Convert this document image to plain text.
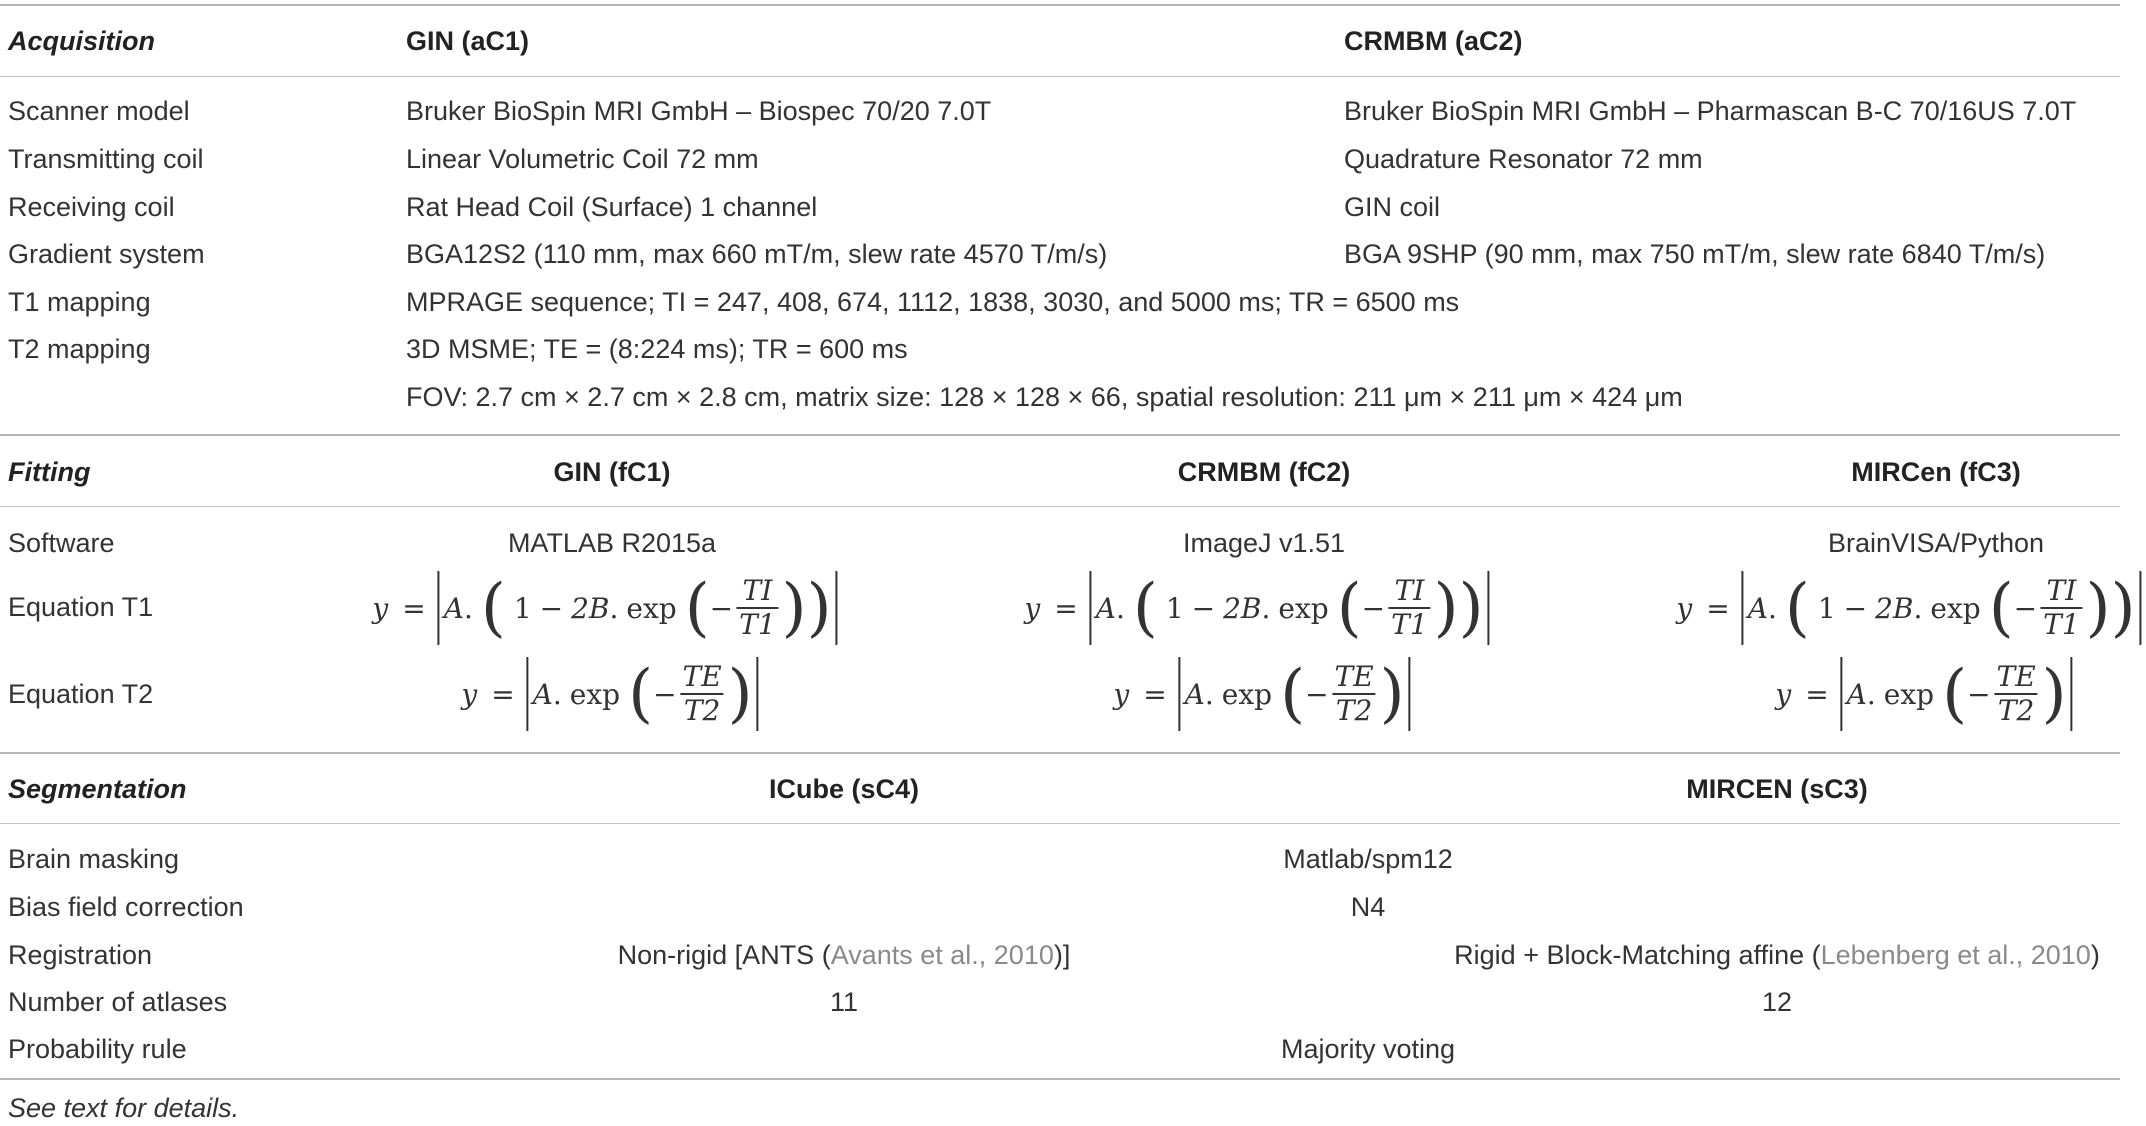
Acquisition	GIN (aC1)	CRMBM (aC2)
Scanner model	Bruker BioSpin MRI GmbH – Biospec 70/20 7.0T	Bruker BioSpin MRI GmbH – Pharmascan B-C 70/16US 7.0T
Transmitting coil	Linear Volumetric Coil 72 mm	Quadrature Resonator 72 mm
Receiving coil	Rat Head Coil (Surface) 1 channel	GIN coil
Gradient system	BGA12S2 (110 mm, max 660 mT/m, slew rate 4570 T/m/s)	BGA 9SHP (90 mm, max 750 mT/m, slew rate 6840 T/m/s)
T1 mapping	MPRAGE sequence; TI = 247, 408, 674, 1112, 1838, 3030, and 5000 ms; TR = 6500 ms
T2 mapping	3D MSME; TE = (8:224 ms); TR = 600 ms
FOV: 2.7 cm × 2.7 cm × 2.8 cm, matrix size: 128 × 128 × 66, spatial resolution: 211 μm × 211 μm × 424 μm
Fitting	GIN (fC1)	CRMBM (fC2)	MIRCen (fC3)
Software	MATLAB R2015a	ImageJ v1.51	BrainVISA/Python
Equation T1	y = A . ( 1 − 2B . exp ( − $\frac{TI}{T1}$ ) )	y = A . ( 1 − 2B . exp ( − $\frac{TI}{T1}$ ) )	y = A . ( 1 − 2B . exp ( − $\frac{TI}{T1}$ ) )
Equation T2	y = A . exp ( − $\frac{TE}{T2}$ )	y = A . exp ( − $\frac{TE}{T2}$ )	y = A . exp ( − $\frac{TE}{T2}$ )
Segmentation	ICube (sC4)	MIRCEN (sC3)
Brain masking	Matlab/spm12
Bias field correction	N4
Registration	Non-rigid [ANTS (Avants et al., 2010)]	Rigid + Block-Matching affine (Lebenberg et al., 2010)
Number of atlases	11	12
Probability rule	Majority voting
See text for details.
